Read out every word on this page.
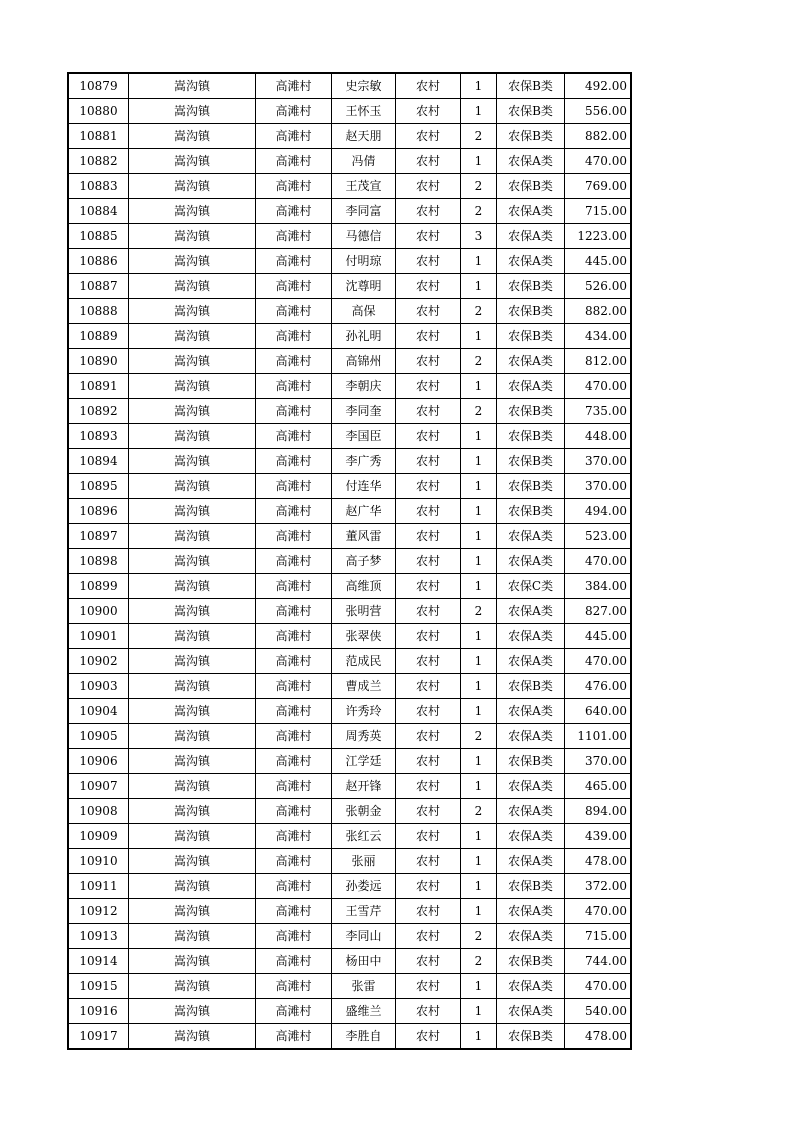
10879	嵩沟镇	高滩村	史宗敏	农村	1	农保B类	492.00
10880	嵩沟镇	高滩村	王怀玉	农村	1	农保B类	556.00
10881	嵩沟镇	高滩村	赵天朋	农村	2	农保B类	882.00
10882	嵩沟镇	高滩村	冯倩	农村	1	农保A类	470.00
10883	嵩沟镇	高滩村	王茂宣	农村	2	农保B类	769.00
10884	嵩沟镇	高滩村	李同富	农村	2	农保A类	715.00
10885	嵩沟镇	高滩村	马德信	农村	3	农保A类	1223.00
10886	嵩沟镇	高滩村	付明琼	农村	1	农保A类	445.00
10887	嵩沟镇	高滩村	沈尊明	农村	1	农保B类	526.00
10888	嵩沟镇	高滩村	高保	农村	2	农保B类	882.00
10889	嵩沟镇	高滩村	孙礼明	农村	1	农保B类	434.00
10890	嵩沟镇	高滩村	高锦州	农村	2	农保A类	812.00
10891	嵩沟镇	高滩村	李朝庆	农村	1	农保A类	470.00
10892	嵩沟镇	高滩村	李同奎	农村	2	农保B类	735.00
10893	嵩沟镇	高滩村	李国臣	农村	1	农保B类	448.00
10894	嵩沟镇	高滩村	李广秀	农村	1	农保B类	370.00
10895	嵩沟镇	高滩村	付连华	农村	1	农保B类	370.00
10896	嵩沟镇	高滩村	赵广华	农村	1	农保B类	494.00
10897	嵩沟镇	高滩村	董风雷	农村	1	农保A类	523.00
10898	嵩沟镇	高滩村	高子梦	农村	1	农保A类	470.00
10899	嵩沟镇	高滩村	高维顶	农村	1	农保C类	384.00
10900	嵩沟镇	高滩村	张明营	农村	2	农保A类	827.00
10901	嵩沟镇	高滩村	张翠侠	农村	1	农保A类	445.00
10902	嵩沟镇	高滩村	范成民	农村	1	农保A类	470.00
10903	嵩沟镇	高滩村	曹成兰	农村	1	农保B类	476.00
10904	嵩沟镇	高滩村	许秀玲	农村	1	农保A类	640.00
10905	嵩沟镇	高滩村	周秀英	农村	2	农保A类	1101.00
10906	嵩沟镇	高滩村	江学廷	农村	1	农保B类	370.00
10907	嵩沟镇	高滩村	赵开锋	农村	1	农保A类	465.00
10908	嵩沟镇	高滩村	张朝金	农村	2	农保A类	894.00
10909	嵩沟镇	高滩村	张红云	农村	1	农保A类	439.00
10910	嵩沟镇	高滩村	张丽	农村	1	农保A类	478.00
10911	嵩沟镇	高滩村	孙娄远	农村	1	农保B类	372.00
10912	嵩沟镇	高滩村	王雪芹	农村	1	农保A类	470.00
10913	嵩沟镇	高滩村	李同山	农村	2	农保A类	715.00
10914	嵩沟镇	高滩村	杨田中	农村	2	农保B类	744.00
10915	嵩沟镇	高滩村	张雷	农村	1	农保A类	470.00
10916	嵩沟镇	高滩村	盛维兰	农村	1	农保A类	540.00
10917	嵩沟镇	高滩村	李胜自	农村	1	农保B类	478.00
